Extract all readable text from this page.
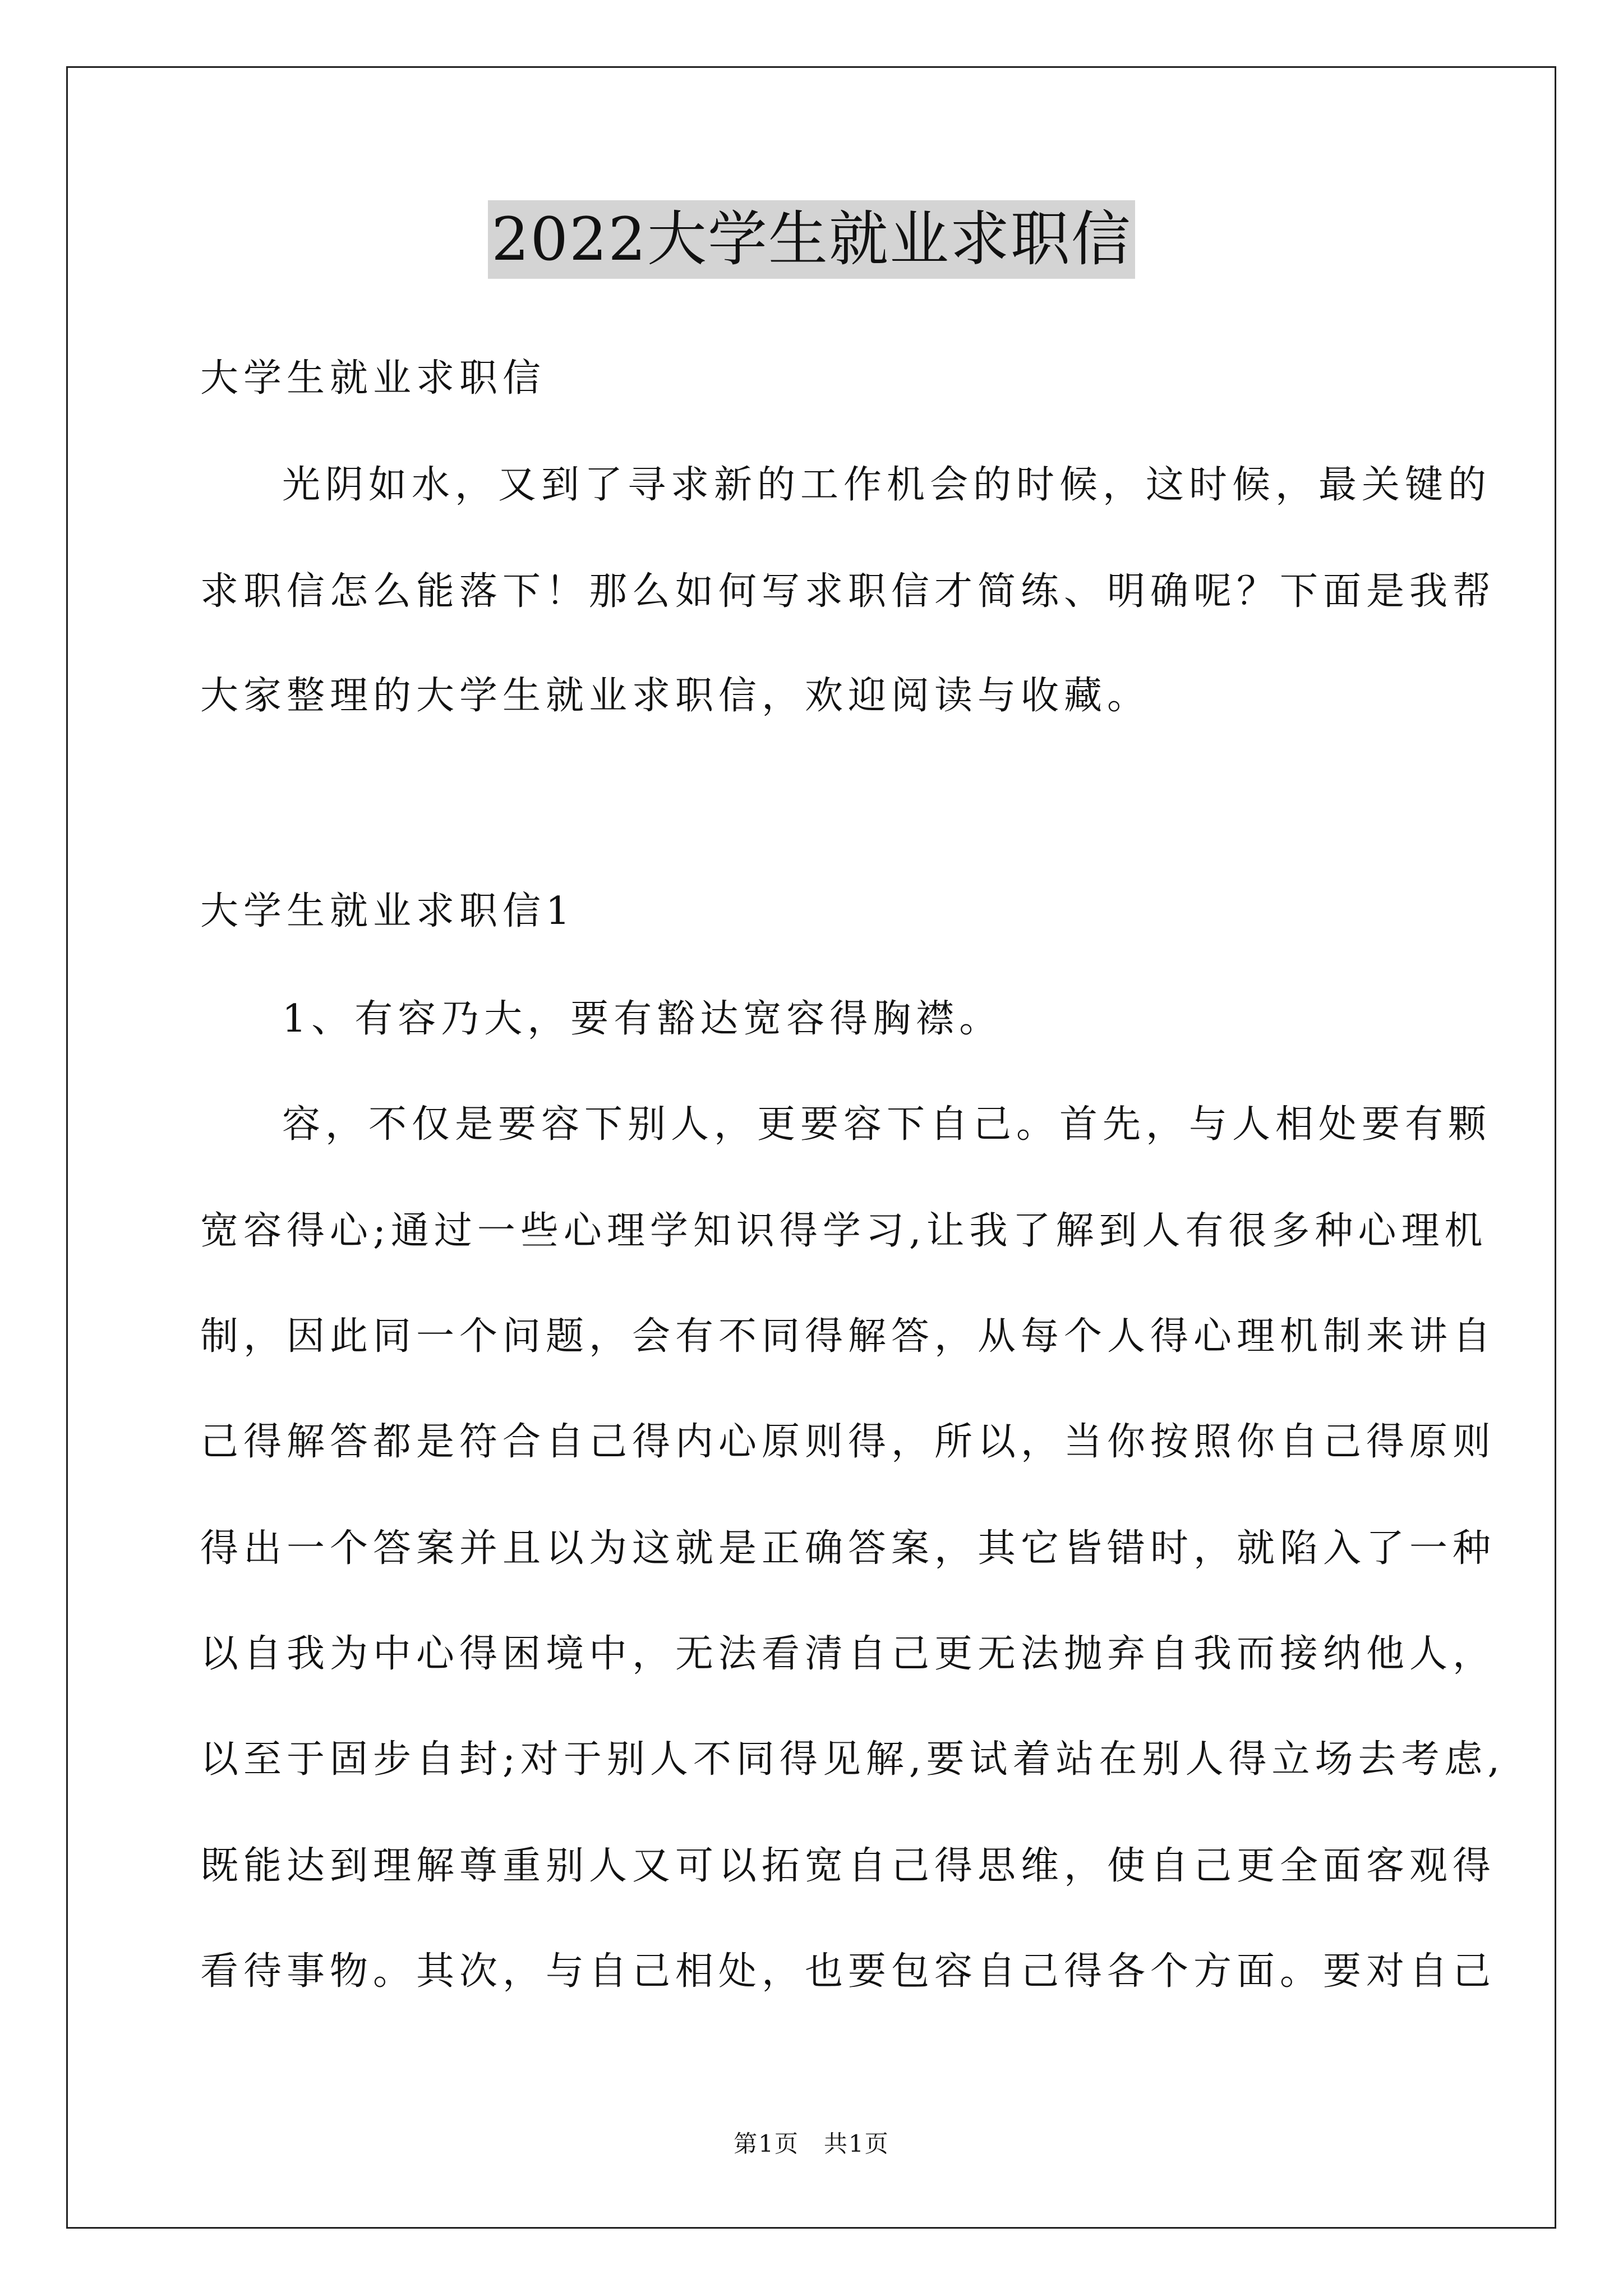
2022大学生就业求职信
大学生就业求职信
光阴如水，又到了寻求新的工作机会的时候，这时候，最关键的
求职信怎么能落下！那么如何写求职信才简练、明确呢？下面是我帮
大家整理的大学生就业求职信，欢迎阅读与收藏。
大学生就业求职信1
1、有容乃大，要有豁达宽容得胸襟。
容，不仅是要容下别人，更要容下自己。首先，与人相处要有颗
宽容得心;通过一些心理学知识得学习,让我了解到人有很多种心理机
制，因此同一个问题，会有不同得解答，从每个人得心理机制来讲自
己得解答都是符合自己得内心原则得，所以，当你按照你自己得原则
得出一个答案并且以为这就是正确答案，其它皆错时，就陷入了一种
以自我为中心得困境中，无法看清自己更无法抛弃自我而接纳他人，
以至于固步自封;对于别人不同得见解,要试着站在别人得立场去考虑,
既能达到理解尊重别人又可以拓宽自己得思维，使自己更全面客观得
看待事物。其次，与自己相处，也要包容自己得各个方面。要对自己
第1页　共1页
